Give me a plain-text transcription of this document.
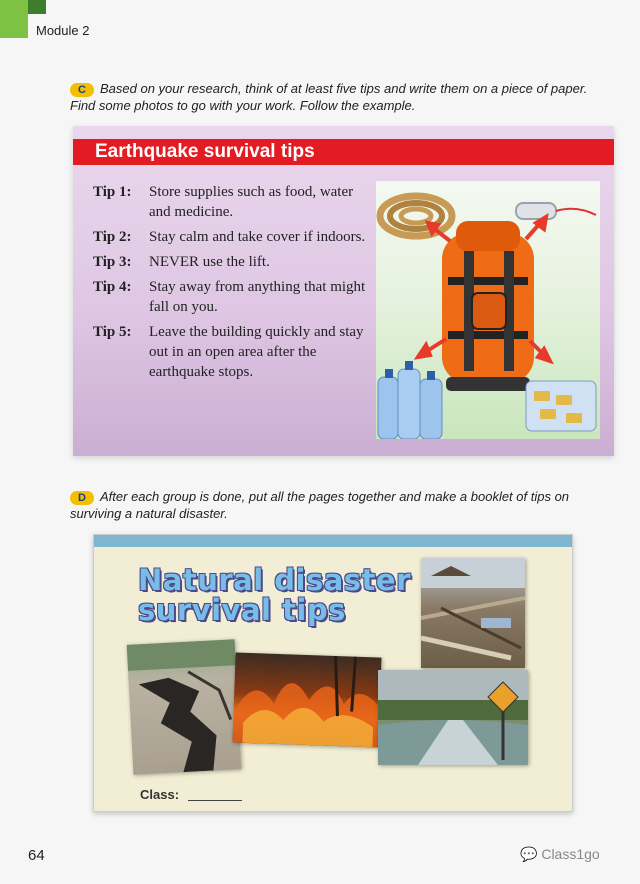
Module 2
C Based on your research, think of at least five tips and write them on a piece of paper. Find some photos to go with your work. Follow the example.
Earthquake survival tips
Tip 1:	Store supplies such as food, water and medicine.
Tip 2:	Stay calm and take cover if indoors.
Tip 3:	NEVER use the lift.
Tip 4:	Stay away from anything that might fall on you.
Tip 5:	Leave the building quickly and stay out in an open area after the earthquake stops.
D After each group is done, put all the pages together and make a booklet of tips on surviving a natural disaster.
Natural disaster
survival tips
Class:
64	💬 Class1go
